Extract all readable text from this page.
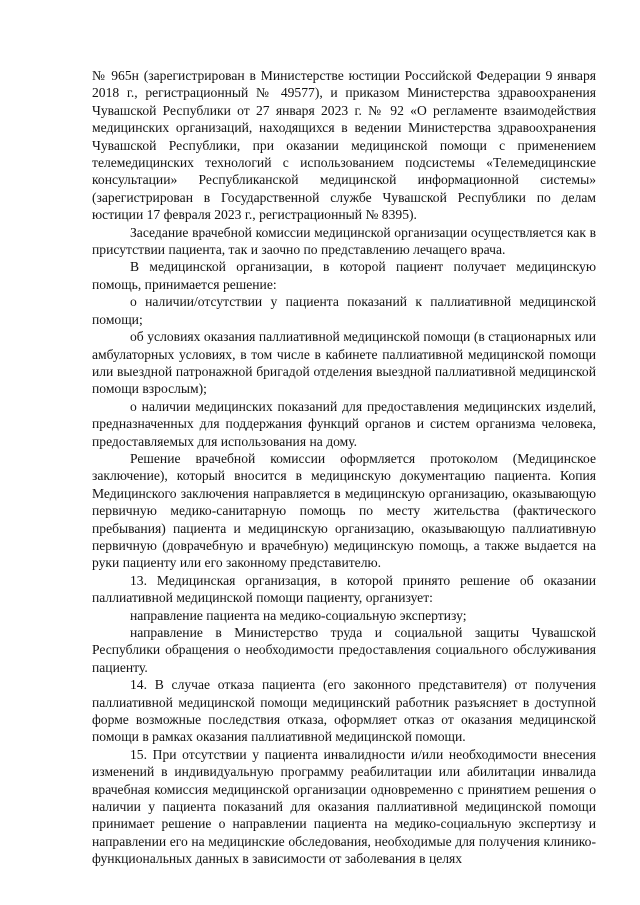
№ 965н (зарегистрирован в Министерстве юстиции Российской Федерации 9 января 2018 г., регистрационный № 49577), и приказом Министерства здравоохранения Чувашской Республики от 27 января 2023 г. № 92 «О регламенте взаимодействия медицинских организаций, находящихся в ведении Министерства здравоохранения Чувашской Республики, при оказании медицинской помощи с применением телемедицинских технологий с использованием подсистемы «Телемедицинские консультации» Республиканской медицинской информационной системы» (зарегистрирован в Государственной службе Чувашской Республики по делам юстиции 17 февраля 2023 г., регистрационный № 8395).

Заседание врачебной комиссии медицинской организации осуществляется как в присутствии пациента, так и заочно по представлению лечащего врача.

В медицинской организации, в которой пациент получает медицинскую помощь, принимается решение:

о наличии/отсутствии у пациента показаний к паллиативной медицинской помощи;

об условиях оказания паллиативной медицинской помощи (в стационарных или амбулаторных условиях, в том числе в кабинете паллиативной медицинской помощи или выездной патронажной бригадой отделения выездной паллиативной медицинской помощи взрослым);

о наличии медицинских показаний для предоставления медицинских изделий, предназначенных для поддержания функций органов и систем организма человека, предоставляемых для использования на дому.

Решение врачебной комиссии оформляется протоколом (Медицинское заключение), который вносится в медицинскую документацию пациента. Копия Медицинского заключения направляется в медицинскую организацию, оказывающую первичную медико-санитарную помощь по месту жительства (фактического пребывания) пациента и медицинскую организацию, оказывающую паллиативную первичную (доврачебную и врачебную) медицинскую помощь, а также выдается на руки пациенту или его законному представителю.

13. Медицинская организация, в которой принято решение об оказании паллиативной медицинской помощи пациенту, организует:

направление пациента на медико-социальную экспертизу;

направление в Министерство труда и социальной защиты Чувашской Республики обращения о необходимости предоставления социального обслуживания пациенту.

14. В случае отказа пациента (его законного представителя) от получения паллиативной медицинской помощи медицинский работник разъясняет в доступной форме возможные последствия отказа, оформляет отказ от оказания медицинской помощи в рамках оказания паллиативной медицинской помощи.

15. При отсутствии у пациента инвалидности и/или необходимости внесения изменений в индивидуальную программу реабилитации или абилитации инвалида врачебная комиссия медицинской организации одновременно с принятием решения о наличии у пациента показаний для оказания паллиативной медицинской помощи принимает решение о направлении пациента на медико-социальную экспертизу и направлении его на медицинские обследования, необходимые для получения клинико-функциональных данных в зависимости от заболевания в целях
